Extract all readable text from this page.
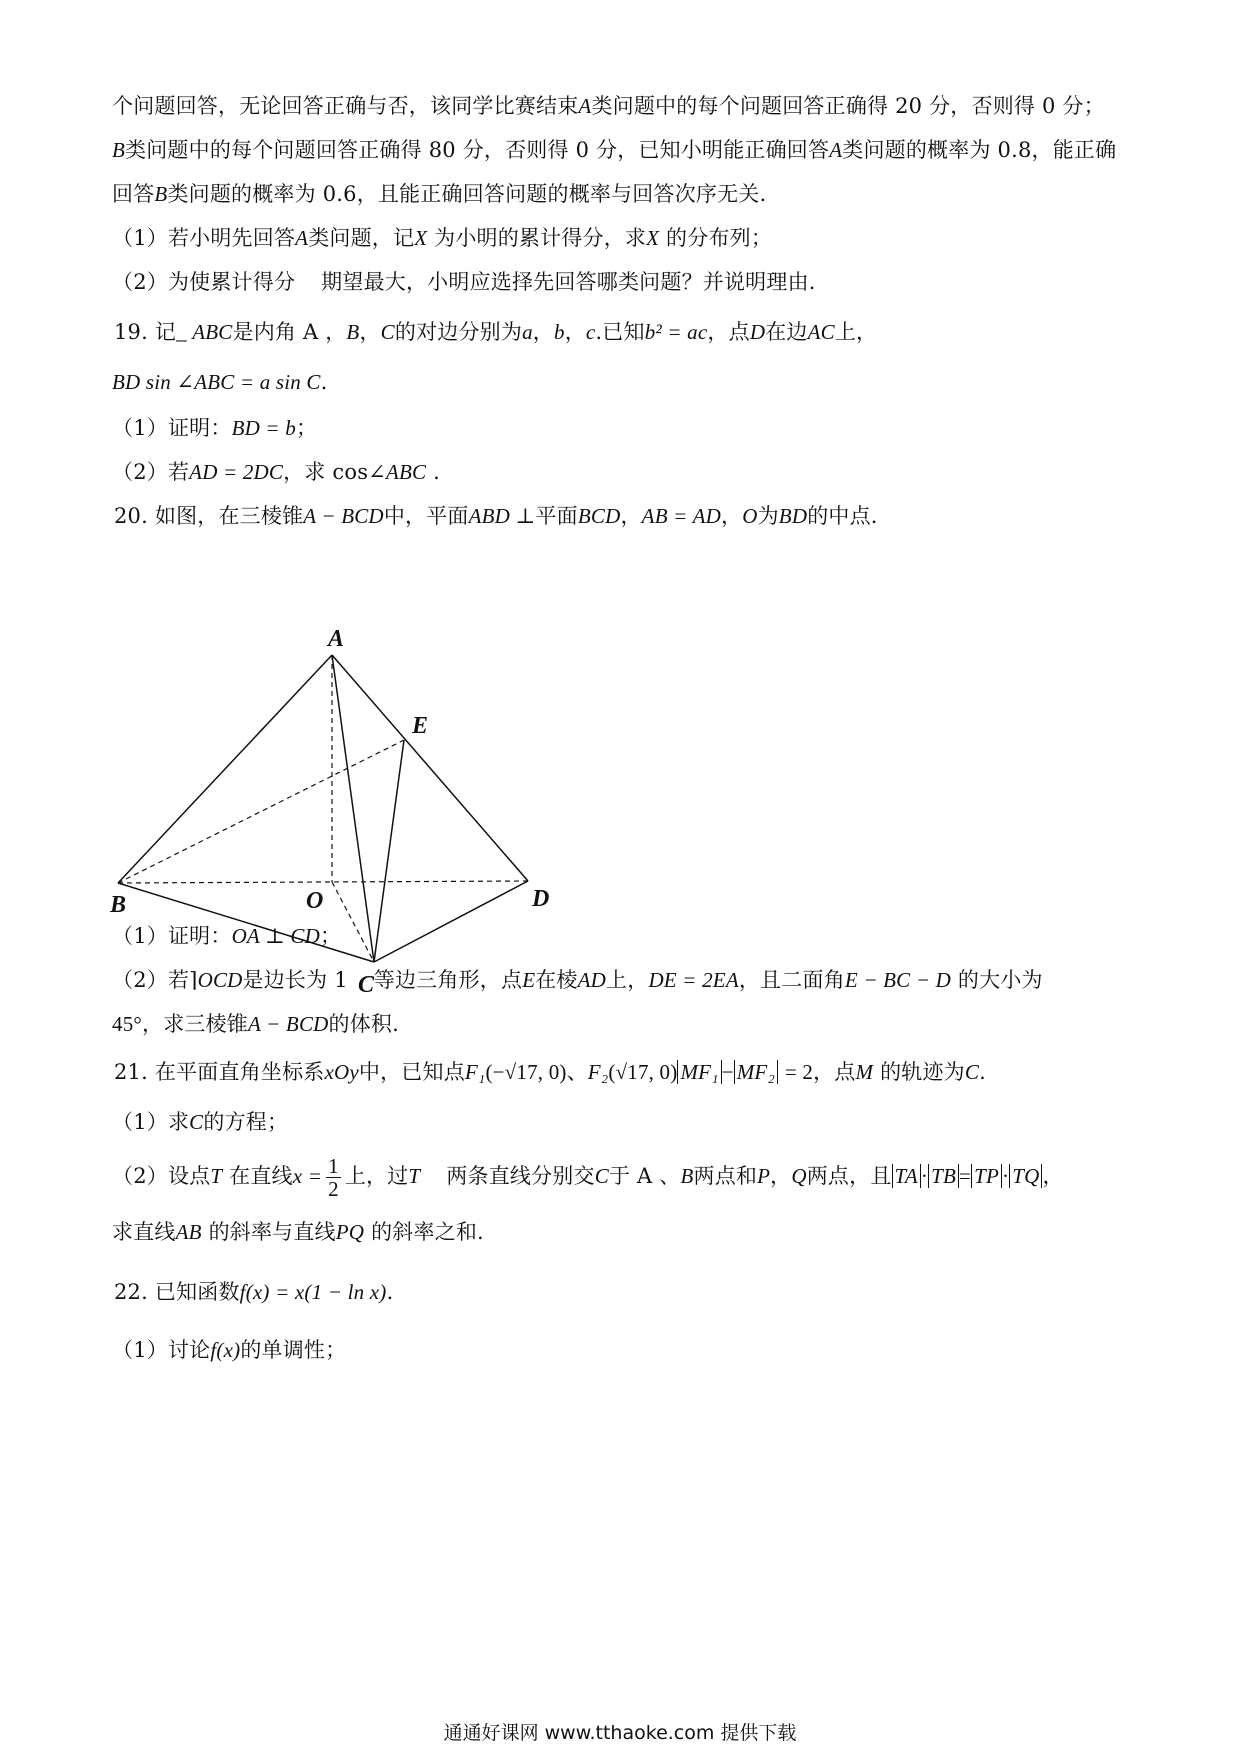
个问题回答，无论回答正确与否，该同学比赛结束A类问题中的每个问题回答正确得 20 分，否则得 0 分；
B类问题中的每个问题回答正确得 80 分，否则得 0 分，已知小明能正确回答A类问题的概率为 0.8，能正确
回答B类问题的概率为 0.6，且能正确回答问题的概率与回答次序无关.
（1）若小明先回答A类问题，记X 为小明的累计得分，求X 的分布列；
（2）为使累计得分 期望最大，小明应选择先回答哪类问题？并说明理由.
19. 记_ ABC是内角 A ，B，C的对边分别为a，b，c.已知b² = ac，点D在边AC上，
BD sin ∠ABC = a sin C.
（1）证明：BD = b；
（2）若AD = 2DC，求 cos∠ABC .
20. 如图，在三棱锥A − BCD中，平面ABD ⊥平面BCD，AB = AD，O为BD的中点.
A
E
B	O	D
C
（1）证明：OA ⊥ CD；
（2）若⌉OCD是边长为 1 等边三角形，点E在棱AD上，DE = 2EA，且二面角E − BC − D 的大小为
45°，求三棱锥A − BCD的体积.
21. 在平面直角坐标系xOy中，已知点F₁(−√17, 0)、F₂(√17, 0) MF₁ − MF₂ = 2，点M 的轨迹为C.
（1）求C的方程；
（2）设点T 在直线$x = \frac{1}{2}$ 上，过T 两条直线分别交C于 A 、B两点和P，Q两点，且 TA · TB = TP · TQ ，
求直线AB 的斜率与直线PQ 的斜率之和.
22. 已知函数f(x) = x(1 − ln x).
（1）讨论f(x)的单调性；
通通好课网 www.tthaoke.com 提供下载
